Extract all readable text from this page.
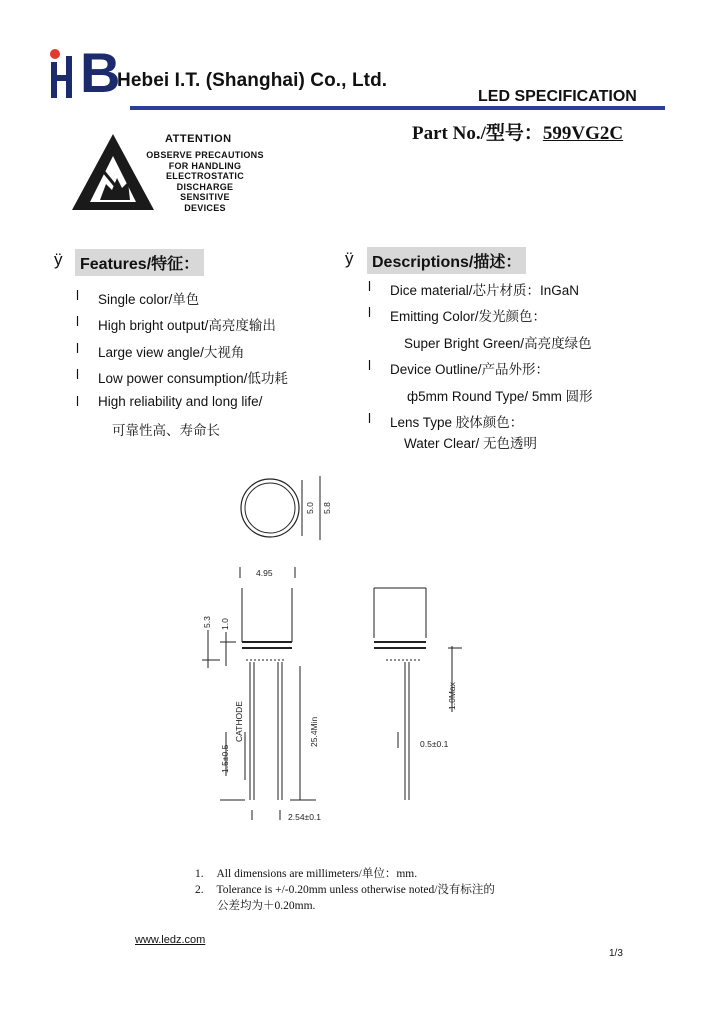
B
Hebei I.T. (Shanghai) Co., Ltd.
LED SPECIFICATION
Part No./型号：599VG2C
ATTENTION
OBSERVE PRECAUTIONS
FOR HANDLING
ELECTROSTATIC
DISCHARGE
SENSITIVE
DEVICES
ÿ	Features/特征：
l Single color/单色
l High bright output/高亮度输出
l Large view angle/大视角
l Low power consumption/低功耗
l High reliability and long life/
可靠性高、寿命长
ÿ	Descriptions/描述：
l Dice material/芯片材质：InGaN
l Emitting Color/发光颜色：
Super Bright Green/高亮度绿色
l Device Outline/产品外形：
ф5mm Round Type/ 5mm 圆形
l Lens Type 胶体颜色：
Water Clear/ 无色透明
5.0 5.8
4.95
5.3 1.0
CATHODE	25.4Min
1.5±0.5
2.54±0.1
1.0Max
0.5±0.1
1. All dimensions are millimeters/单位：mm.
2. Tolerance is +/-0.20mm unless otherwise noted/没有标注的
公差均为＋0.20mm.
www.ledz.com
1/3
